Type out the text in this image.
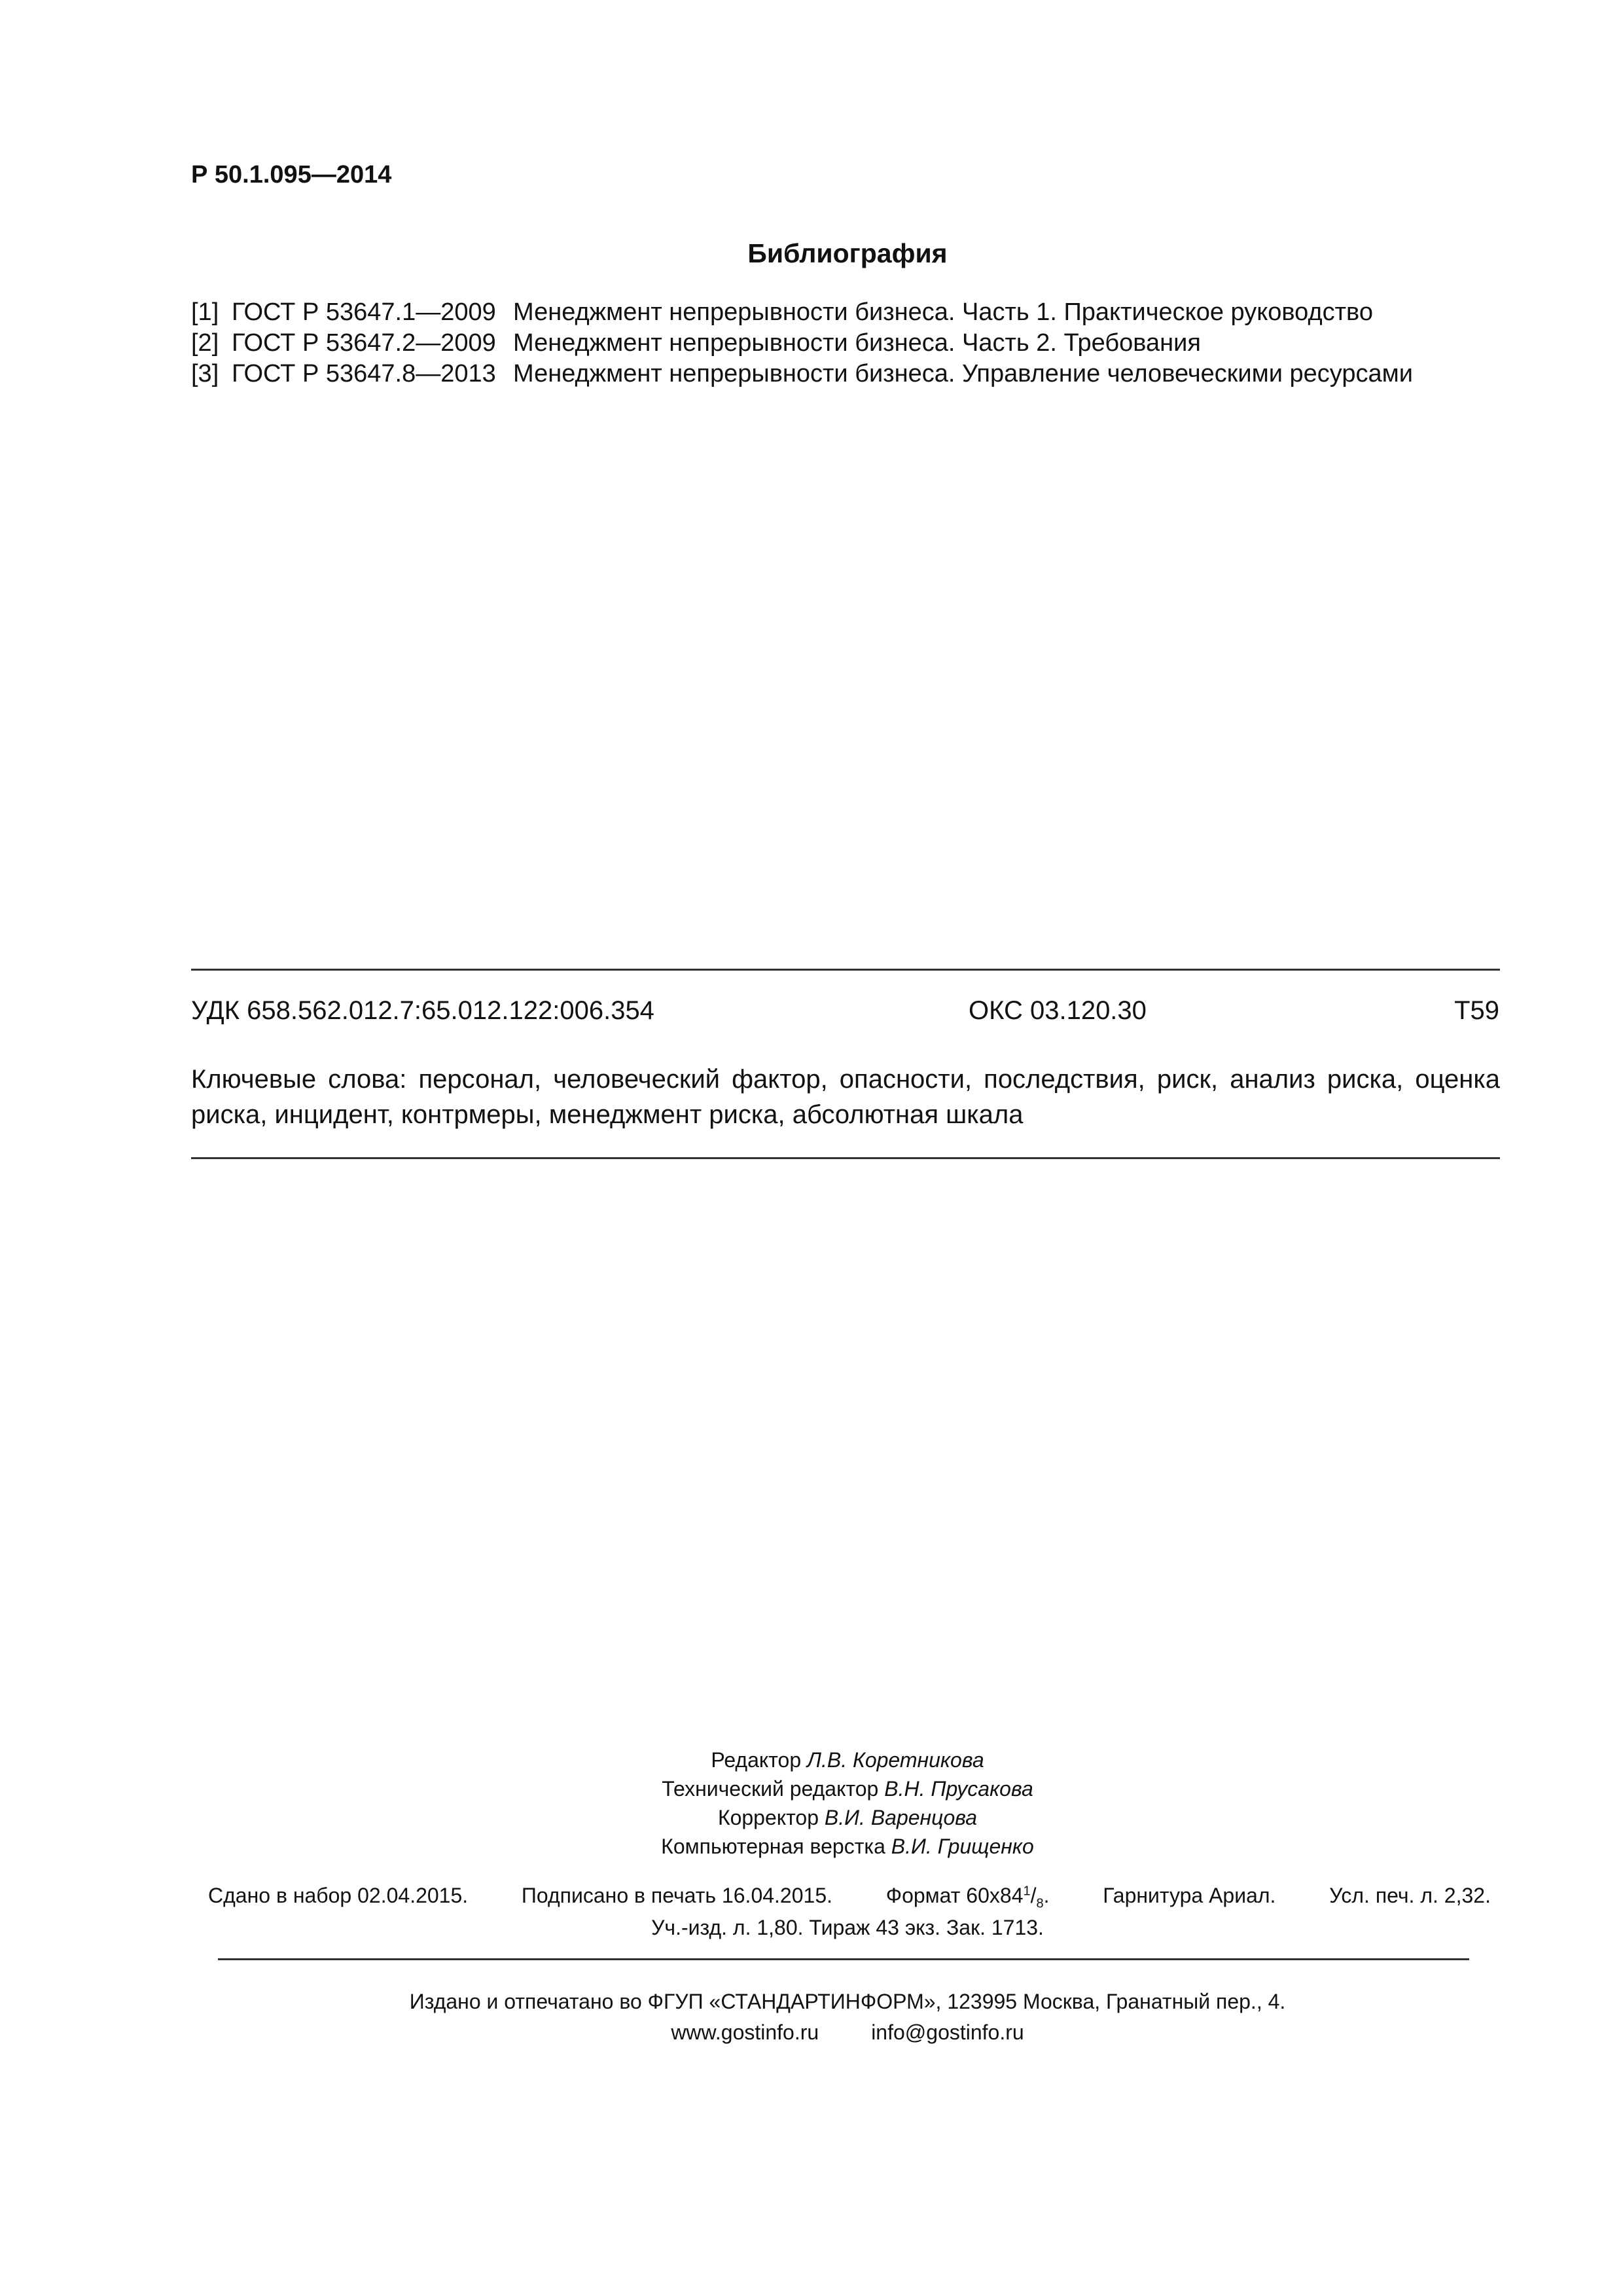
Р 50.1.095—2014
Библиография
[1] ГОСТ Р 53647.1—2009 Менеджмент непрерывности бизнеса. Часть 1. Практическое руководство
[2] ГОСТ Р 53647.2—2009 Менеджмент непрерывности бизнеса. Часть 2. Требования
[3] ГОСТ Р 53647.8—2013 Менеджмент непрерывности бизнеса. Управление человеческими ресурсами
УДК 658.562.012.7:65.012.122:006.354	ОКС 03.120.30	Т59
Ключевые слова: персонал, человеческий фактор, опасности, последствия, риск, анализ риска, оценка риска, инцидент, контрмеры, менеджмент риска, абсолютная шкала
Редактор Л.В. Коретникова
Технический редактор В.Н. Прусакова
Корректор В.И. Варенцова
Компьютерная верстка В.И. Грищенко
Сдано в набор 02.04.2015.	Подписано в печать 16.04.2015.	Формат $60х84^1/_8$.	Гарнитура Ариал.	Усл. печ. л. 2,32.
Уч.-изд. л. 1,80. Тираж 43 экз. Зак. 1713.
Издано и отпечатано во ФГУП «СТАНДАРТИНФОРМ», 123995 Москва, Гранатный пер., 4.
www.gostinfo.ru	info@gostinfo.ru
